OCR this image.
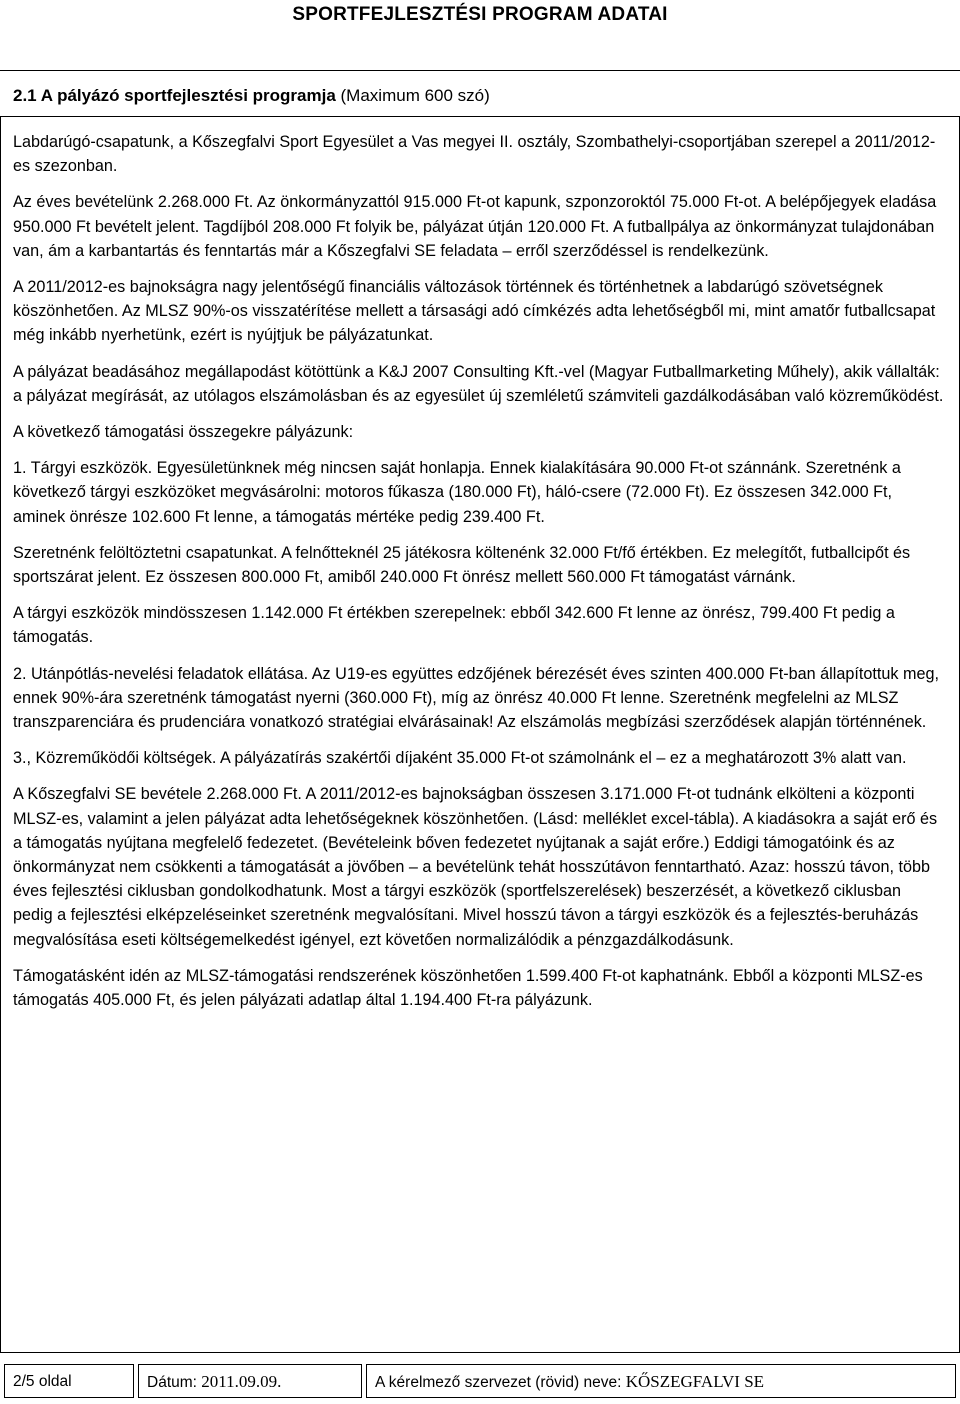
SPORTFEJLESZTÉSI PROGRAM ADATAI
2.1 A pályázó sportfejlesztési programja (Maximum 600 szó)

Labdarúgó-csapatunk, a Kőszegfalvi Sport Egyesület a Vas megyei II. osztály, Szombathelyi-csoportjában szerepel a 2011/2012-es szezonban.

Az éves bevételünk 2.268.000 Ft. Az önkormányzattól 915.000 Ft-ot kapunk, szponzoroktól 75.000 Ft-ot. A belépőjegyek eladása 950.000 Ft bevételt jelent. Tagdíjból 208.000 Ft folyik be, pályázat útján 120.000 Ft. A futballpálya az önkormányzat tulajdonában van, ám a karbantartás és fenntartás már a Kőszegfalvi SE feladata – erről szerződéssel is rendelkezünk.

A 2011/2012-es bajnokságra nagy jelentőségű financiális változások történnek és történhetnek a labdarúgó szövetségnek köszönhetően. Az MLSZ 90%-os visszatérítése mellett a társasági adó címkézés adta lehetőségből mi, mint amatőr futballcsapat még inkább nyerhetünk, ezért is nyújtjuk be pályázatunkat.

A pályázat beadásához megállapodást kötöttünk a K&J 2007 Consulting Kft.-vel (Magyar Futballmarketing Műhely), akik vállalták: a pályázat megírását, az utólagos elszámolásban és az egyesület új szemléletű számviteli gazdálkodásában való közreműködést.

A következő támogatási összegekre pályázunk:

1. Tárgyi eszközök. Egyesületünknek még nincsen saját honlapja. Ennek kialakítására 90.000 Ft-ot szánnánk. Szeretnénk a következő tárgyi eszközöket megvásárolni: motoros fűkasza (180.000 Ft), háló-csere (72.000 Ft). Ez összesen 342.000 Ft, aminek önrésze 102.600 Ft lenne, a támogatás mértéke pedig 239.400 Ft.

Szeretnénk felöltöztetni csapatunkat. A felnőtteknél 25 játékosra költenénk 32.000 Ft/fő értékben. Ez melegítőt, futballcipőt és sportszárat jelent. Ez összesen 800.000 Ft, amiből 240.000 Ft önrész mellett 560.000 Ft támogatást várnánk.

A tárgyi eszközök mindösszesen 1.142.000 Ft értékben szerepelnek: ebből 342.600 Ft lenne az önrész, 799.400 Ft pedig a támogatás.

2. Utánpótlás-nevelési feladatok ellátása. Az U19-es együttes edzőjének bérezését éves szinten 400.000 Ft-ban állapítottuk meg, ennek 90%-ára szeretnénk támogatást nyerni (360.000 Ft), míg az önrész 40.000 Ft lenne. Szeretnénk megfelelni az MLSZ transzparenciára és prudenciára vonatkozó stratégiai elvárásainak! Az elszámolás megbízási szerződések alapján történnének.

3., Közreműködői költségek. A pályázatírás szakértői díjaként 35.000 Ft-ot számolnánk el – ez a meghatározott 3% alatt van.

A Kőszegfalvi SE bevétele 2.268.000 Ft. A 2011/2012-es bajnokságban összesen 3.171.000 Ft-ot tudnánk elkölteni a központi MLSZ-es, valamint a jelen pályázat adta lehetőségeknek köszönhetően. (Lásd: melléklet excel-tábla). A kiadásokra a saját erő és a támogatás nyújtana megfelelő fedezetet. (Bevételeink bőven fedezetet nyújtanak a saját erőre.) Eddigi támogatóink és az önkormányzat nem csökkenti a támogatását a jövőben – a bevételünk tehát hosszútávon fenntartható. Azaz: hosszú távon, több éves fejlesztési ciklusban gondolkodhatunk. Most a tárgyi eszközök (sportfelszerelések) beszerzését, a következő ciklusban pedig a fejlesztési elképzeléseinket szeretnénk megvalósítani. Mivel hosszú távon a tárgyi eszközök és a fejlesztés-beruházás megvalósítása eseti költségemelkedést igényel, ezt követően normalizálódik a pénzgazdálkodásunk.

Támogatásként idén az MLSZ-támogatási rendszerének köszönhetően 1.599.400 Ft-ot kaphatnánk. Ebből a központi MLSZ-es támogatás 405.000 Ft, és jelen pályázati adatlap által 1.194.400 Ft-ra pályázunk.

2/5 oldal	Dátum: 2011.09.09.	A kérelmező szervezet (rövid) neve: KŐSZEGFALVI SE
